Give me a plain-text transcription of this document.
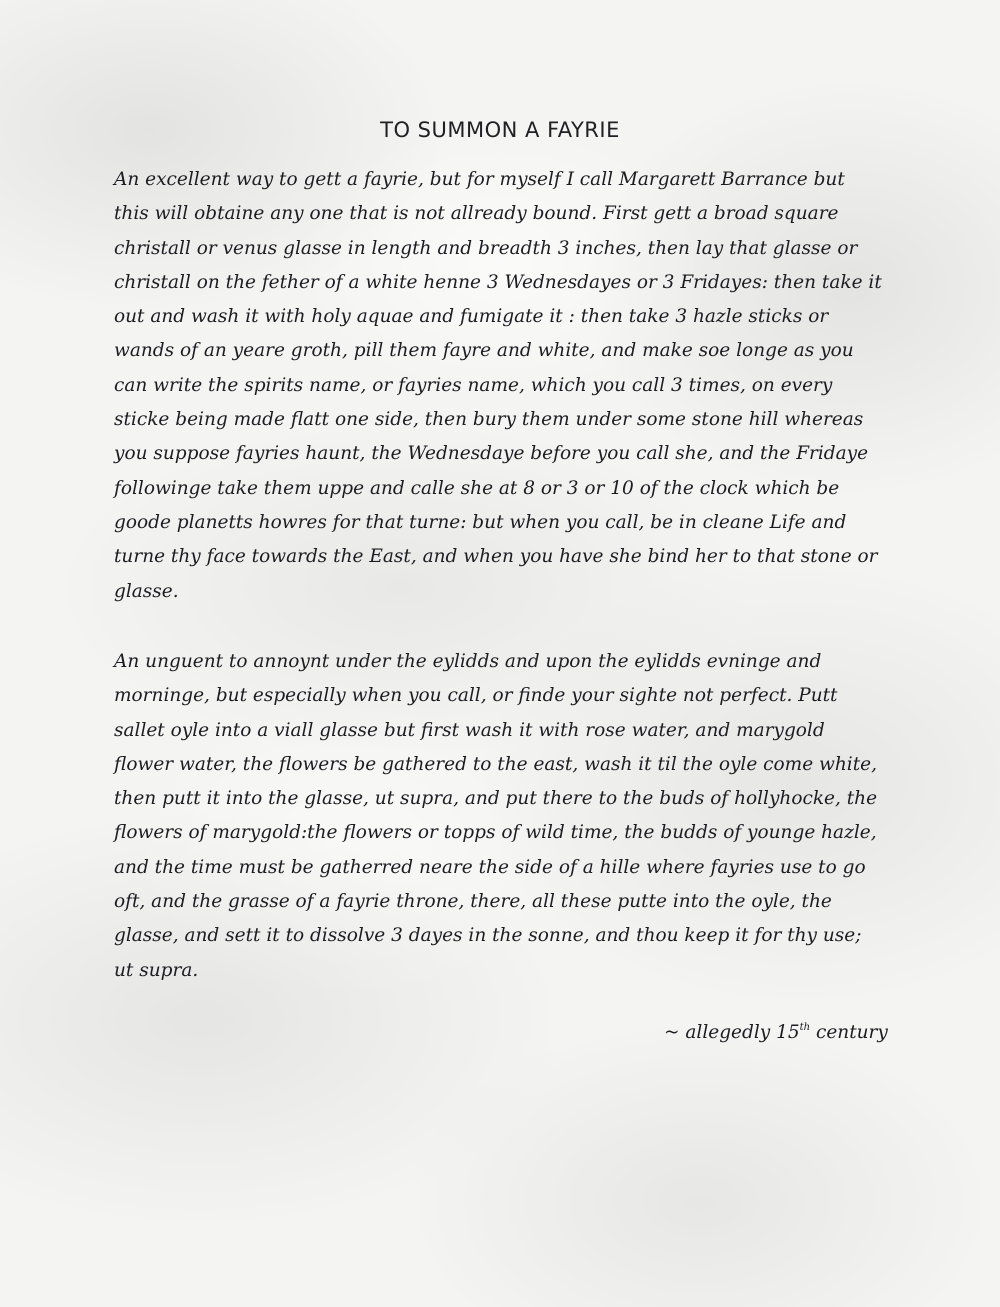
TO SUMMON A FAYRIE

An excellent way to gett a fayrie, but for myself I call Margarett Barrance but
this will obtaine any one that is not allready bound. First gett a broad square
christall or venus glasse in length and breadth 3 inches, then lay that glasse or
christall on the fether of a white henne 3 Wednesdayes or 3 Fridayes: then take it
out and wash it with holy aquae and fumigate it : then take 3 hazle sticks or
wands of an yeare groth, pill them fayre and white, and make soe longe as you
can write the spirits name, or fayries name, which you call 3 times, on every
sticke being made flatt one side, then bury them under some stone hill whereas
you suppose fayries haunt, the Wednesdaye before you call she, and the Fridaye
followinge take them uppe and calle she at 8 or 3 or 10 of the clock which be
goode planetts howres for that turne: but when you call, be in cleane Life and
turne thy face towards the East, and when you have she bind her to that stone or
glasse.

An unguent to annoynt under the eylidds and upon the eylidds evninge and
morninge, but especially when you call, or finde your sighte not perfect. Putt
sallet oyle into a viall glasse but first wash it with rose water, and marygold
flower water, the flowers be gathered to the east, wash it til the oyle come white,
then putt it into the glasse, ut supra, and put there to the buds of hollyhocke, the
flowers of marygold:the flowers or topps of wild time, the budds of younge hazle,
and the time must be gatherred neare the side of a hille where fayries use to go
oft, and the grasse of a fayrie throne, there, all these putte into the oyle, the
glasse, and sett it to dissolve 3 dayes in the sonne, and thou keep it for thy use;
ut supra.

~ allegedly 15th century
